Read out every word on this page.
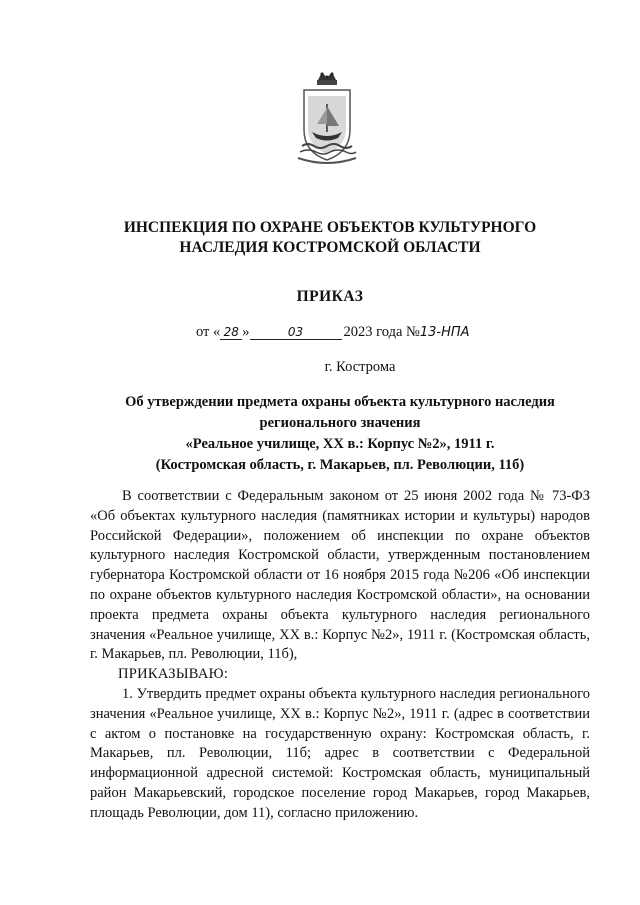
ИНСПЕКЦИЯ ПО ОХРАНЕ ОБЪЕКТОВ КУЛЬТУРНОГО
НАСЛЕДИЯ КОСТРОМСКОЙ ОБЛАСТИ
ПРИКАЗ
от « 28 »	03	2023 года №13-НПА
г. Кострома
Об утверждении предмета охраны объекта культурного наследия
регионального значения
«Реальное училище, XX в.: Корпус №2», 1911 г.
(Костромская область, г. Макарьев, пл. Революции, 11б)

В соответствии с Федеральным законом от 25 июня 2002 года № 73-ФЗ «Об объектах культурного наследия (памятниках истории и культуры) народов Российской Федерации», положением об инспекции по охране объектов культурного наследия Костромской области, утвержденным постановлением губернатора Костромской области от 16 ноября 2015 года №206 «Об инспекции по охране объектов культурного наследия Костромской области», на основании проекта предмета охраны объекта культурного наследия регионального значения «Реальное училище, XX в.: Корпус №2», 1911 г. (Костромская область, г. Макарьев, пл. Революции, 11б),

ПРИКАЗЫВАЮ:

1. Утвердить предмет охраны объекта культурного наследия регионального значения «Реальное училище, XX в.: Корпус №2», 1911 г. (адрес в соответствии с актом о постановке на государственную охрану: Костромская область, г. Макарьев, пл. Революции, 11б; адрес в соответствии с Федеральной информационной адресной системой: Костромская область, муниципальный район Макарьевский, городское поселение город Макарьев, город Макарьев, площадь Революции, дом 11), согласно приложению.
